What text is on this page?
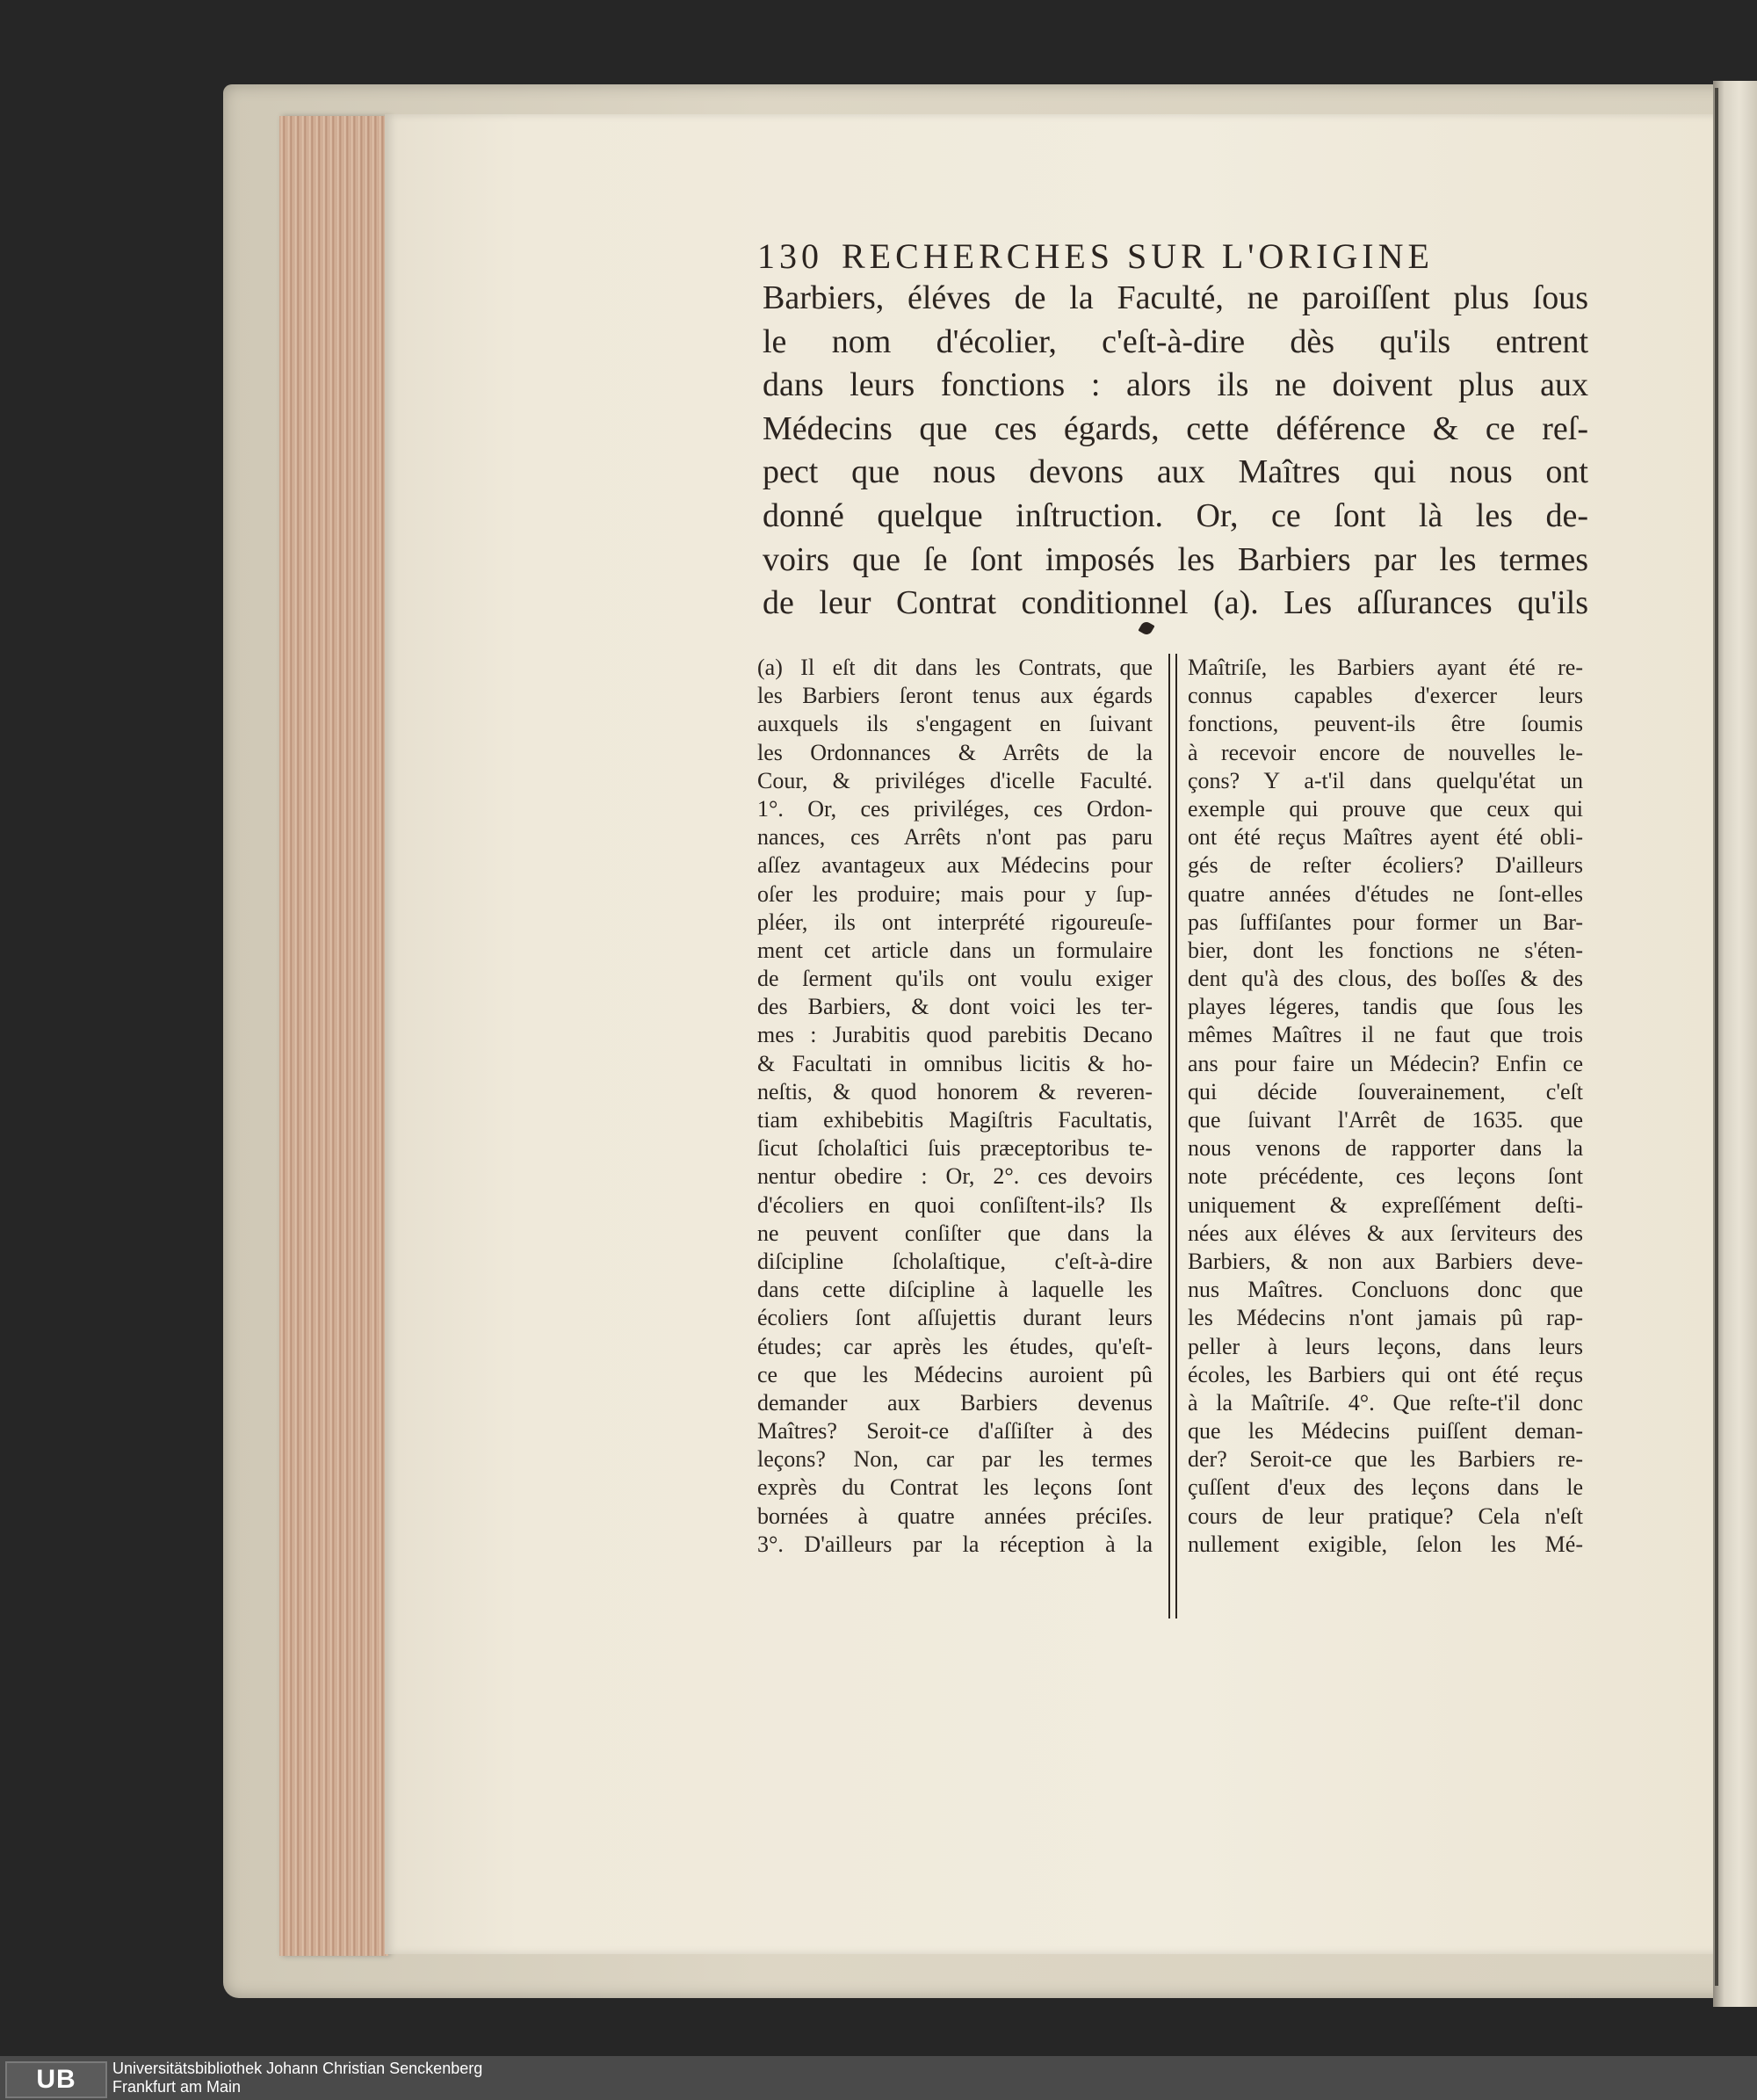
130 RECHERCHES SUR L'ORIGINE
Barbiers, éléves de la Faculté, ne paroiſſent plus ſous
le nom d'écolier, c'eſt-à-dire dès qu'ils entrent
dans leurs fonctions : alors ils ne doivent plus aux
Médecins que ces égards, cette déférence & ce reſ-
pect que nous devons aux Maîtres qui nous ont
donné quelque inſtruction. Or, ce ſont là les de-
voirs que ſe ſont imposés les Barbiers par les termes
de leur Contrat conditionnel (a). Les aſſurances qu'ils
(a) Il eſt dit dans les Contrats, que
les Barbiers ſeront tenus aux égards
auxquels ils s'engagent en ſuivant
les Ordonnances & Arrêts de la
Cour, & priviléges d'icelle Faculté.
1°. Or, ces priviléges, ces Ordon-
nances, ces Arrêts n'ont pas paru
aſſez avantageux aux Médecins pour
oſer les produire; mais pour y ſup-
pléer, ils ont interprété rigoureuſe-
ment cet article dans un formulaire
de ſerment qu'ils ont voulu exiger
des Barbiers, & dont voici les ter-
mes : Jurabitis quod parebitis Decano
& Facultati in omnibus licitis & ho-
neſtis, & quod honorem & reveren-
tiam exhibebitis Magiſtris Facultatis,
ſicut ſcholaſtici ſuis præceptoribus te-
nentur obedire : Or, 2°. ces devoirs
d'écoliers en quoi conſiſtent-ils? Ils
ne peuvent conſiſter que dans la
diſcipline ſcholaſtique, c'eſt-à-dire
dans cette diſcipline à laquelle les
écoliers ſont aſſujettis durant leurs
études; car après les études, qu'eſt-
ce que les Médecins auroient pû
demander aux Barbiers devenus
Maîtres? Seroit-ce d'aſſiſter à des
leçons? Non, car par les termes
exprès du Contrat les leçons ſont
bornées à quatre années préciſes.
3°. D'ailleurs par la réception à la
Maîtriſe, les Barbiers ayant été re-
connus capables d'exercer leurs
fonctions, peuvent-ils être ſoumis
à recevoir encore de nouvelles le-
çons? Y a-t'il dans quelqu'état un
exemple qui prouve que ceux qui
ont été reçus Maîtres ayent été obli-
gés de reſter écoliers? D'ailleurs
quatre années d'études ne ſont-elles
pas ſuffiſantes pour former un Bar-
bier, dont les fonctions ne s'éten-
dent qu'à des clous, des boſſes & des
playes légeres, tandis que ſous les
mêmes Maîtres il ne faut que trois
ans pour faire un Médecin? Enfin ce
qui décide ſouverainement, c'eſt
que ſuivant l'Arrêt de 1635. que
nous venons de rapporter dans la
note précédente, ces leçons ſont
uniquement & expreſſément deſti-
nées aux éléves & aux ſerviteurs des
Barbiers, & non aux Barbiers deve-
nus Maîtres. Concluons donc que
les Médecins n'ont jamais pû rap-
peller à leurs leçons, dans leurs
écoles, les Barbiers qui ont été reçus
à la Maîtriſe. 4°. Que reſte-t'il donc
que les Médecins puiſſent deman-
der? Seroit-ce que les Barbiers re-
çuſſent d'eux des leçons dans le
cours de leur pratique? Cela n'eſt
nullement exigible, ſelon les Mé-
UB	Universitätsbibliothek Johann Christian Senckenberg
Frankfurt am Main
